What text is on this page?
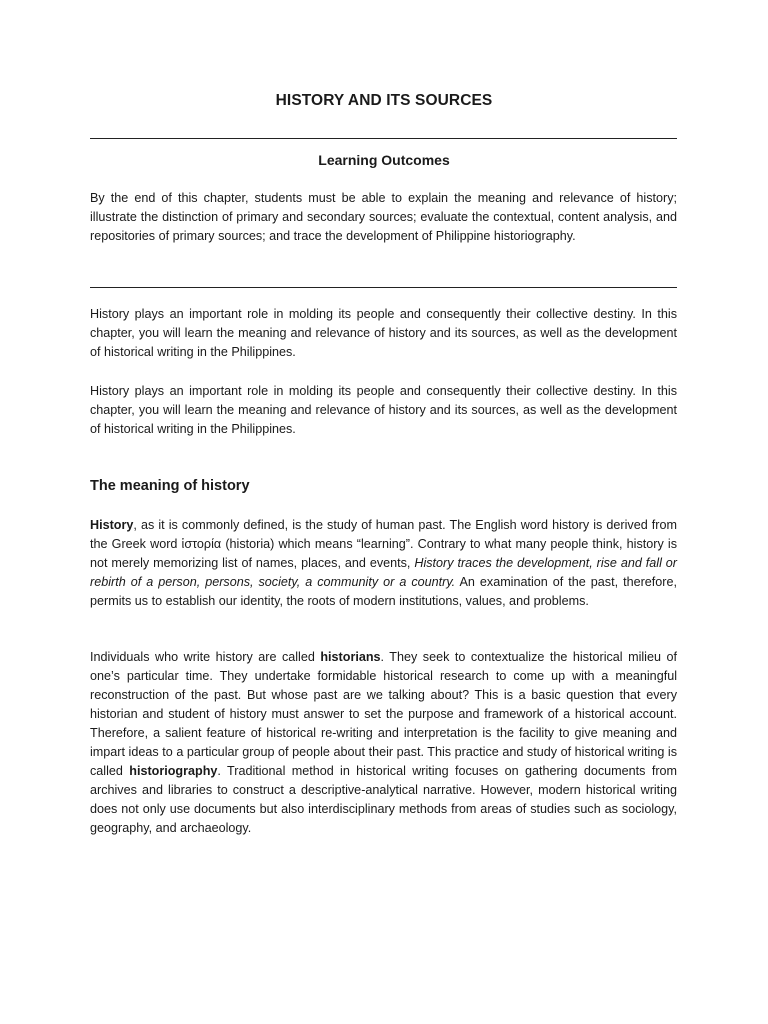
HISTORY AND ITS SOURCES
Learning Outcomes

By the end of this chapter, students must be able to explain the meaning and relevance of history; illustrate the distinction of primary and secondary sources; evaluate the contextual, content analysis, and repositories of primary sources; and trace the development of Philippine historiography.

History plays an important role in molding its people and consequently their collective destiny. In this chapter, you will learn the meaning and relevance of history and its sources, as well as the development of historical writing in the Philippines.

History plays an important role in molding its people and consequently their collective destiny. In this chapter, you will learn the meaning and relevance of history and its sources, as well as the development of historical writing in the Philippines.

The meaning of history

History, as it is commonly defined, is the study of human past. The English word history is derived from the Greek word ἱστορία (historia) which means “learning”. Contrary to what many people think, history is not merely memorizing list of names, places, and events, History traces the development, rise and fall or rebirth of a person, persons, society, a community or a country. An examination of the past, therefore, permits us to establish our identity, the roots of modern institutions, values, and problems.

Individuals who write history are called historians. They seek to contextualize the historical milieu of one’s particular time. They undertake formidable historical research to come up with a meaningful reconstruction of the past. But whose past are we talking about? This is a basic question that every historian and student of history must answer to set the purpose and framework of a historical account. Therefore, a salient feature of historical re-writing and interpretation is the facility to give meaning and impart ideas to a particular group of people about their past. This practice and study of historical writing is called historiography. Traditional method in historical writing focuses on gathering documents from archives and libraries to construct a descriptive-analytical narrative. However, modern historical writing does not only use documents but also interdisciplinary methods from areas of studies such as sociology, geography, and archaeology.
